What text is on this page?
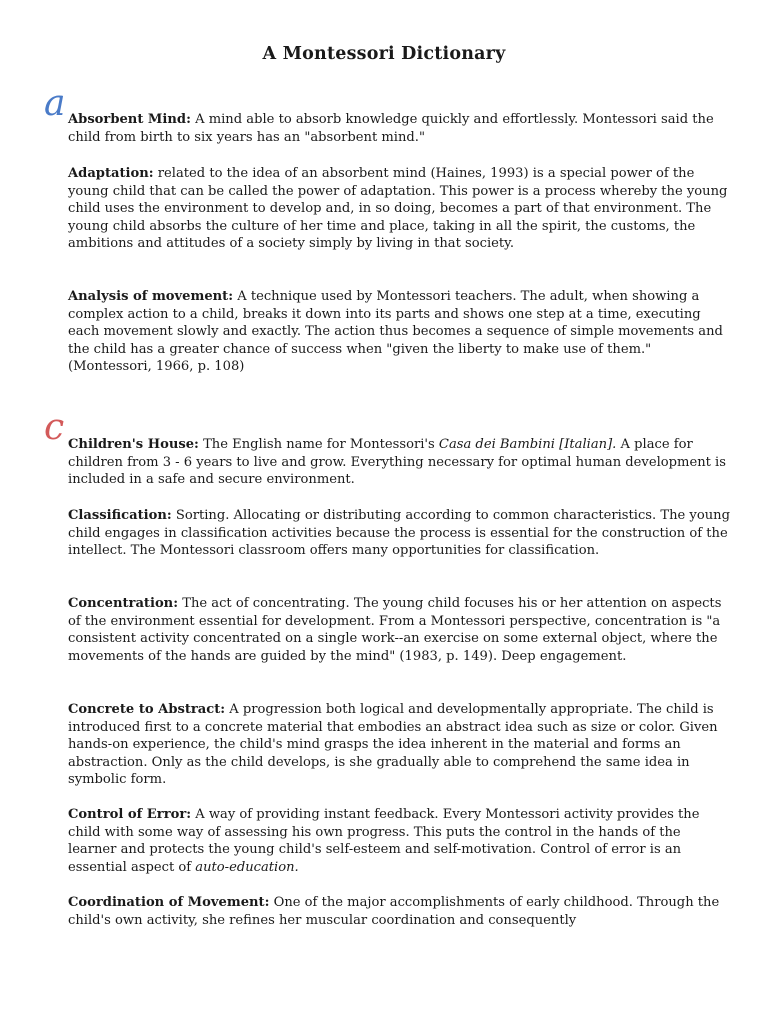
A Montessori Dictionary
a Absorbent Mind: A mind able to absorb knowledge quickly and effortlessly. Montessori said the child from birth to six years has an "absorbent mind."

Adaptation: related to the idea of an absorbent mind (Haines, 1993) is a special power of the young child that can be called the power of adaptation. This power is a process whereby the young child uses the environment to develop and, in so doing, becomes a part of that environment. The young child absorbs the culture of her time and place, taking in all the spirit, the customs, the ambitions and attitudes of a society simply by living in that society.

Analysis of movement: A technique used by Montessori teachers. The adult, when showing a complex action to a child, breaks it down into its parts and shows one step at a time, executing each movement slowly and exactly. The action thus becomes a sequence of simple movements and the child has a greater chance of success when "given the liberty to make use of them." (Montessori, 1966, p. 108)

c Children's House: The English name for Montessori's Casa dei Bambini [Italian]. A place for children from 3 - 6 years to live and grow. Everything necessary for optimal human development is included in a safe and secure environment.

Classification: Sorting. Allocating or distributing according to common characteristics. The young child engages in classification activities because the process is essential for the construction of the intellect. The Montessori classroom offers many opportunities for classification.

Concentration: The act of concentrating. The young child focuses his or her attention on aspects of the environment essential for development. From a Montessori perspective, concentration is "a consistent activity concentrated on a single work--an exercise on some external object, where the movements of the hands are guided by the mind" (1983, p. 149). Deep engagement.

Concrete to Abstract: A progression both logical and developmentally appropriate. The child is introduced first to a concrete material that embodies an abstract idea such as size or color. Given hands-on experience, the child's mind grasps the idea inherent in the material and forms an abstraction. Only as the child develops, is she gradually able to comprehend the same idea in symbolic form.

Control of Error: A way of providing instant feedback. Every Montessori activity provides the child with some way of assessing his own progress. This puts the control in the hands of the learner and protects the young child's self-esteem and self-motivation. Control of error is an essential aspect of auto-education.

Coordination of Movement: One of the major accomplishments of early childhood. Through the child's own activity, she refines her muscular coordination and consequently
